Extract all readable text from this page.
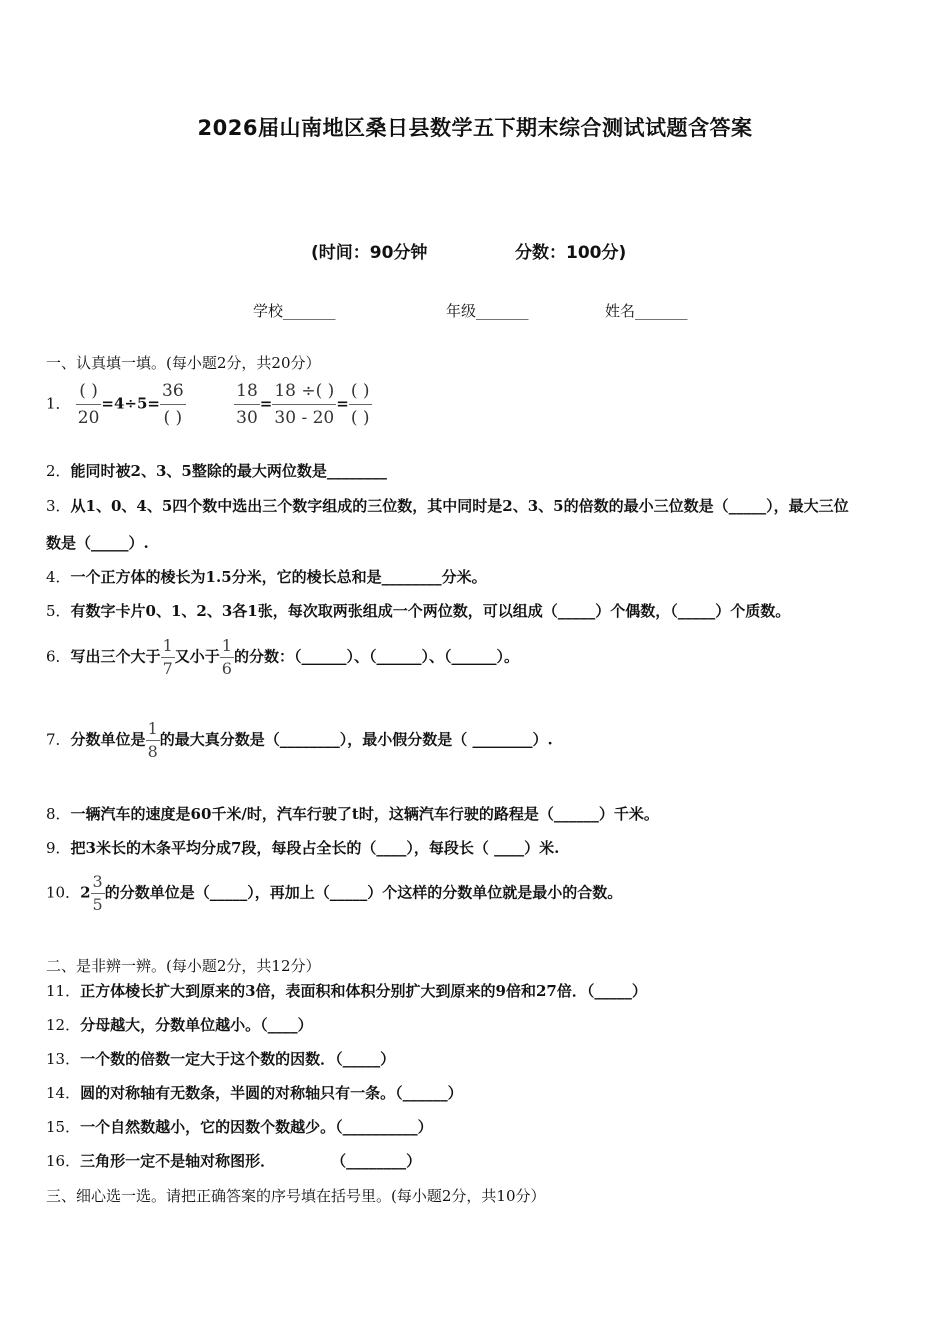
2026届山南地区桑日县数学五下期末综合测试试题含答案
(时间：90分钟	分数：100分)
学校_______	年级_______	姓名_______
一、认真填一填。(每小题2分，共20分）
1． $\frac{( )}{20} =4\div 5= \frac{36}{( )}$
	$\frac{18}{30} = \frac{18 \div( )}{30 - 20} = \frac{( )}{( )}$
2．能同时被2、3、5整除的最大两位数是________
3．从1、0、4、5四个数中选出三个数字组成的三位数，其中同时是2、3、5的倍数的最小三位数是（_____），最大三位
数是（_____）.
4．一个正方体的棱长为1.5分米，它的棱长总和是________分米。
5．有数字卡片0、1、2、3各1张，每次取两张组成一个两位数，可以组成（_____）个偶数，（_____）个质数。
6．写出三个大于 $\frac{1}{7}$ 又小于 $\frac{1}{6}$ 的分数：（______）、（______）、（______）。
7．分数单位是 $\frac{1}{8}$ 的最大真分数是（________），最小假分数是（ ________）.
8．一辆汽车的速度是60千米/时，汽车行驶了t时，这辆汽车行驶的路程是（______）千米。
9．把3米长的木条平均分成7段，每段占全长的（____），每段长（ ____）米.
10．$2 \frac{3}{5}$ 的分数单位是（_____），再加上（_____）个这样的分数单位就是最小的合数。
二、是非辨一辨。(每小题2分，共12分）
11．正方体棱长扩大到原来的3倍，表面积和体积分别扩大到原来的9倍和27倍．（_____）
12．分母越大，分数单位越小。（____）
13．一个数的倍数一定大于这个数的因数．（_____）
14．圆的对称轴有无数条，半圆的对称轴只有一条。（______）
15．一个自然数越小，它的因数个数越少。（__________）
16．三角形一定不是轴对称图形．	（________）
三、细心选一选。请把正确答案的序号填在括号里。(每小题2分，共10分）
